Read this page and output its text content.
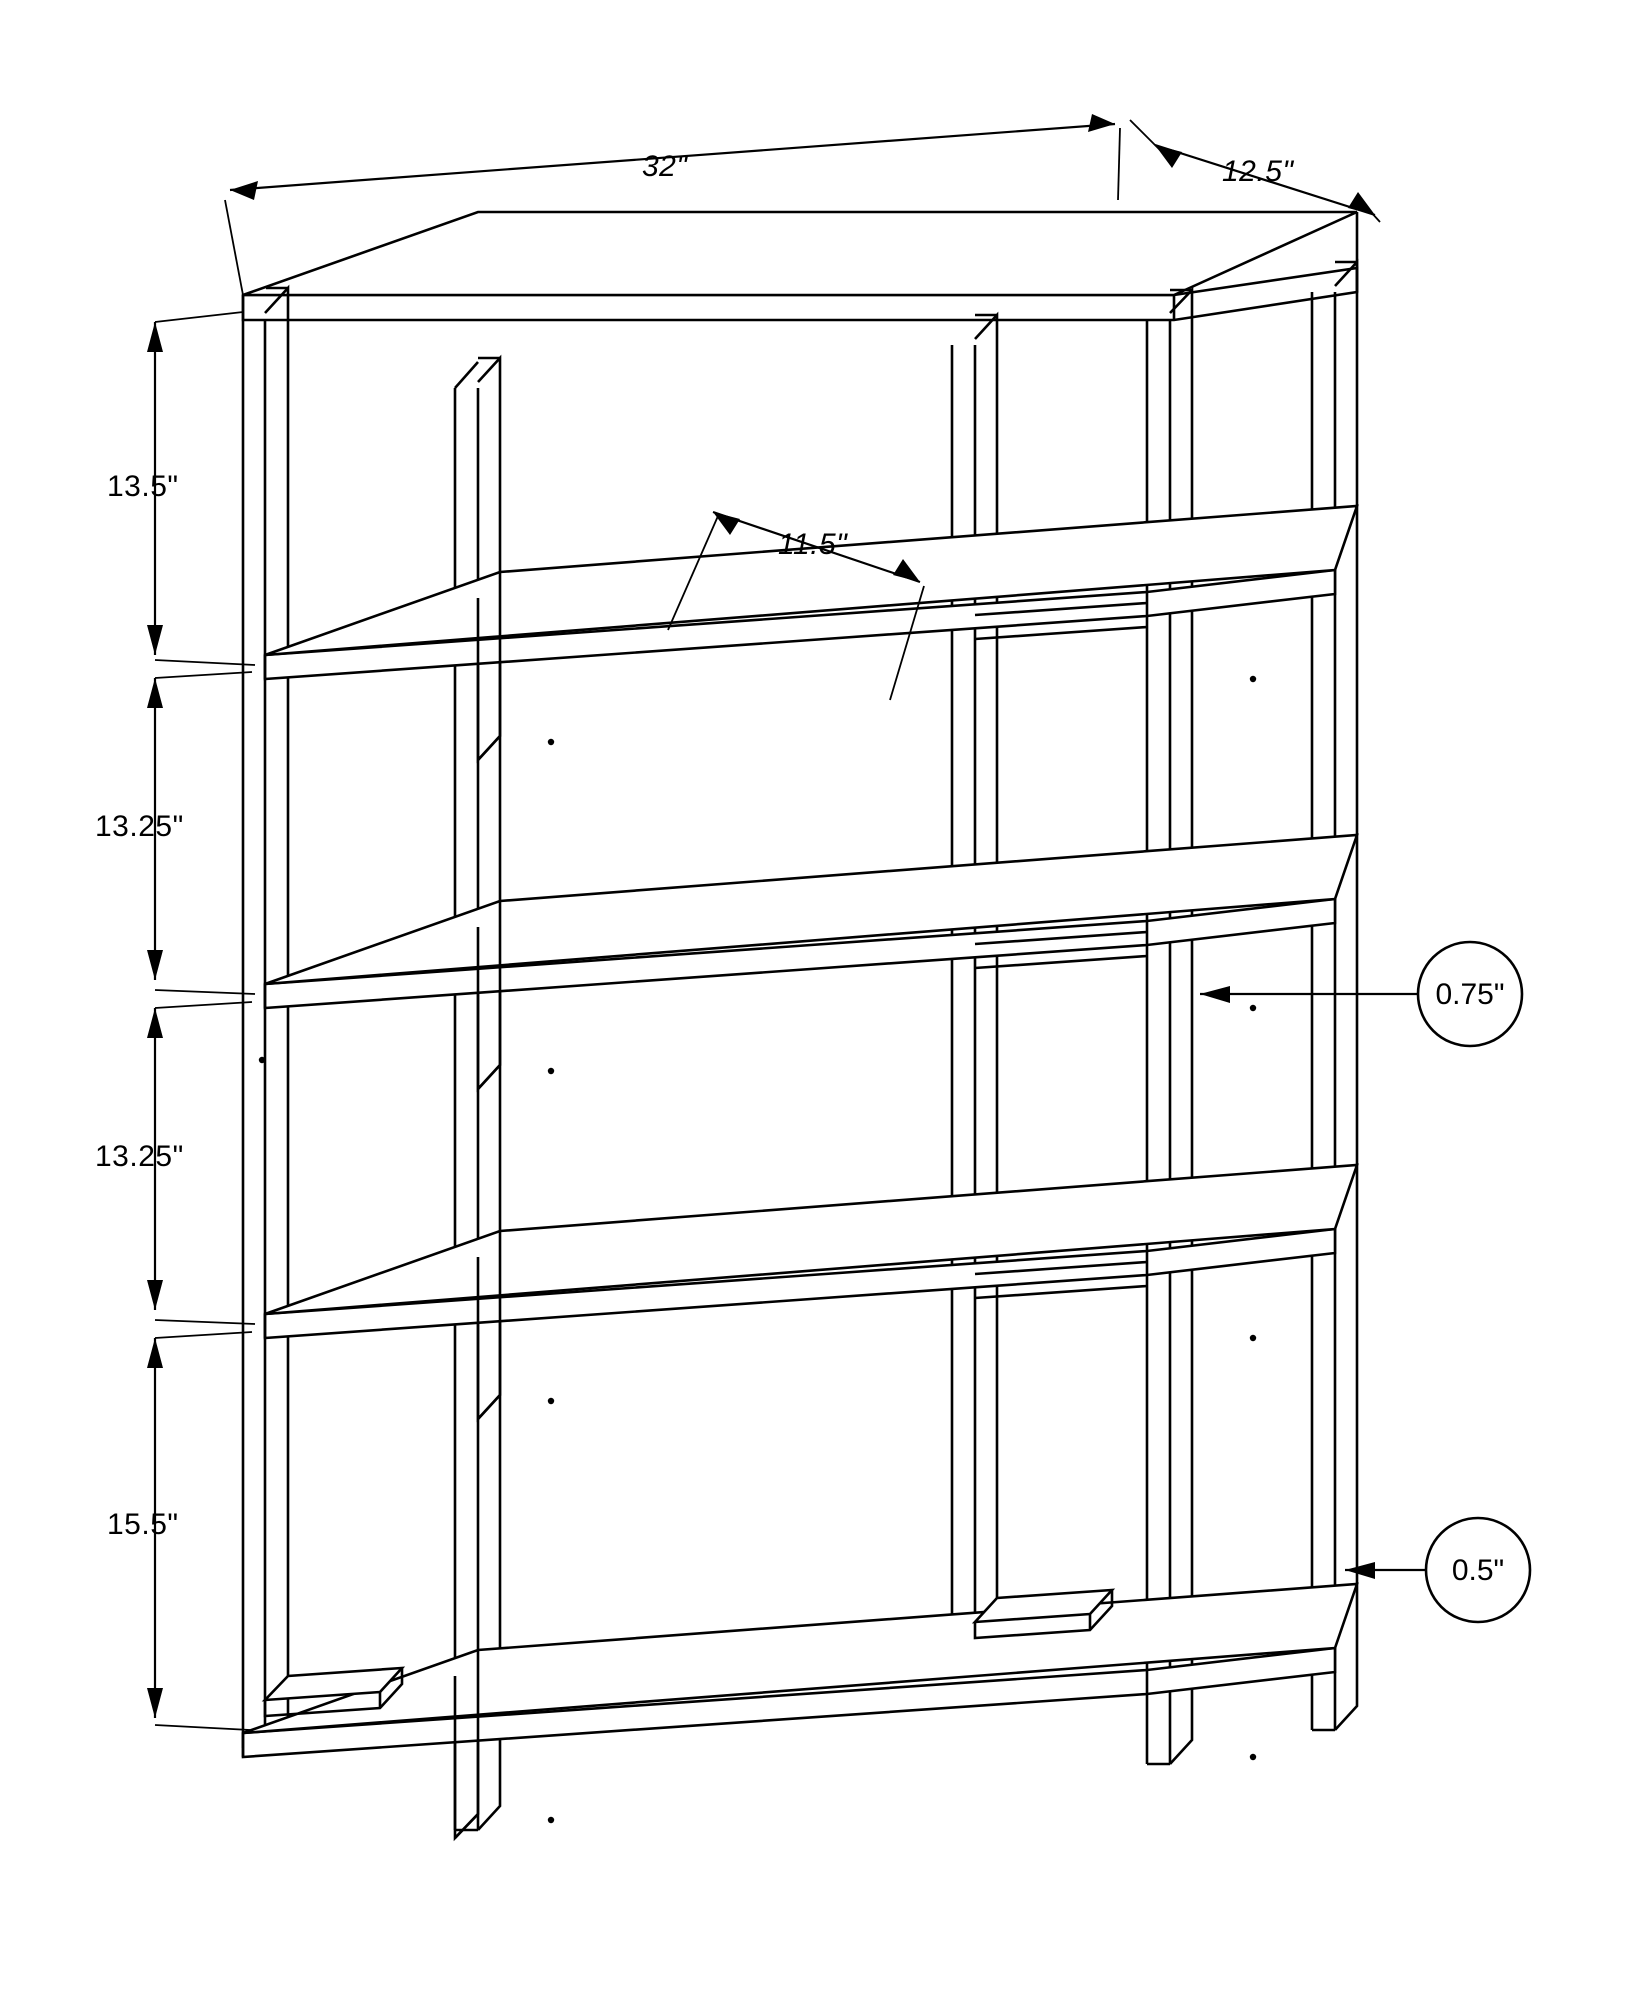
32"	12.5"
11.5"
13.5"
13.25"
13.25"
15.5"
0.75"
0.5"
